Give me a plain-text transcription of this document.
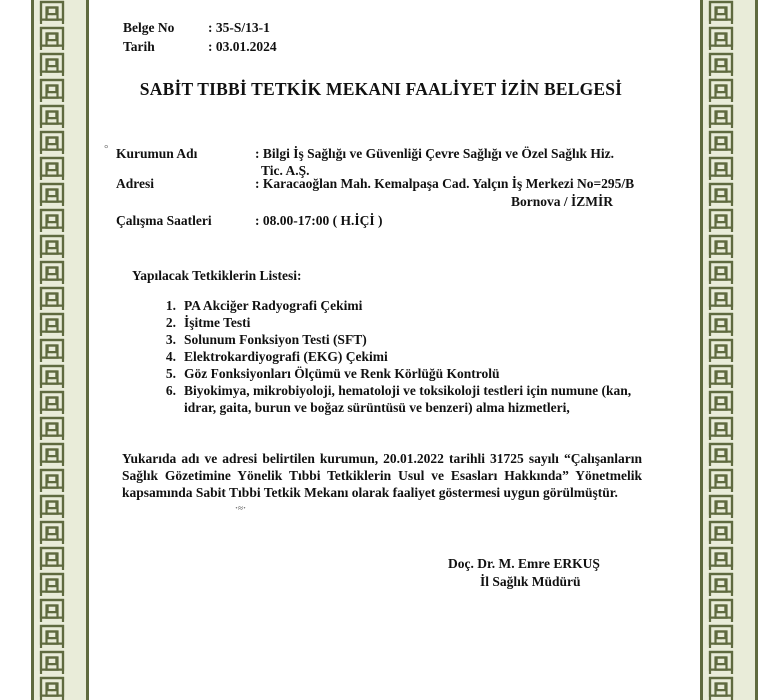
Belge No : 35-S/13-1
Tarih	: 03.01.2024
SABİT TIBBİ TETKİK MEKANI FAALİYET İZİN BELGESİ
° Kurumun Adı	: Bilgi İş Sağlığı ve Güvenliği Çevre Sağlığı ve Özel Sağlık Hiz.
Tic. A.Ş.
Adresi	: Karacaoğlan Mah. Kemalpaşa Cad. Yalçın İş Merkezi No=295/B
Bornova / İZMİR
Çalışma Saatleri	: 08.00-17:00 ( H.İÇİ )
Yapılacak Tetkiklerin Listesi:
1. PA Akciğer Radyografi Çekimi
2. İşitme Testi
3. Solunum Fonksiyon Testi (SFT)
4. Elektrokardiyografi (EKG) Çekimi
5. Göz Fonksiyonları Ölçümü ve Renk Körlüğü Kontrolü
6. Biyokimya, mikrobiyoloji, hematoloji ve toksikoloji testleri için numune (kan,
idrar, gaita, burun ve boğaz sürüntüsü ve benzeri) alma hizmetleri,
Yukarıda adı ve adresi belirtilen kurumun, 20.01.2022 tarihli 31725 sayılı “Çalışanların
Sağlık Gözetimine Yönelik Tıbbi Tetkiklerin Usul ve Esasları Hakkında” Yönetmelik
kapsamında Sabit Tıbbi Tetkik Mekanı olarak faaliyet göstermesi uygun görülmüştür.
·≈·
Doç. Dr. M. Emre ERKUŞ
İl Sağlık Müdürü
